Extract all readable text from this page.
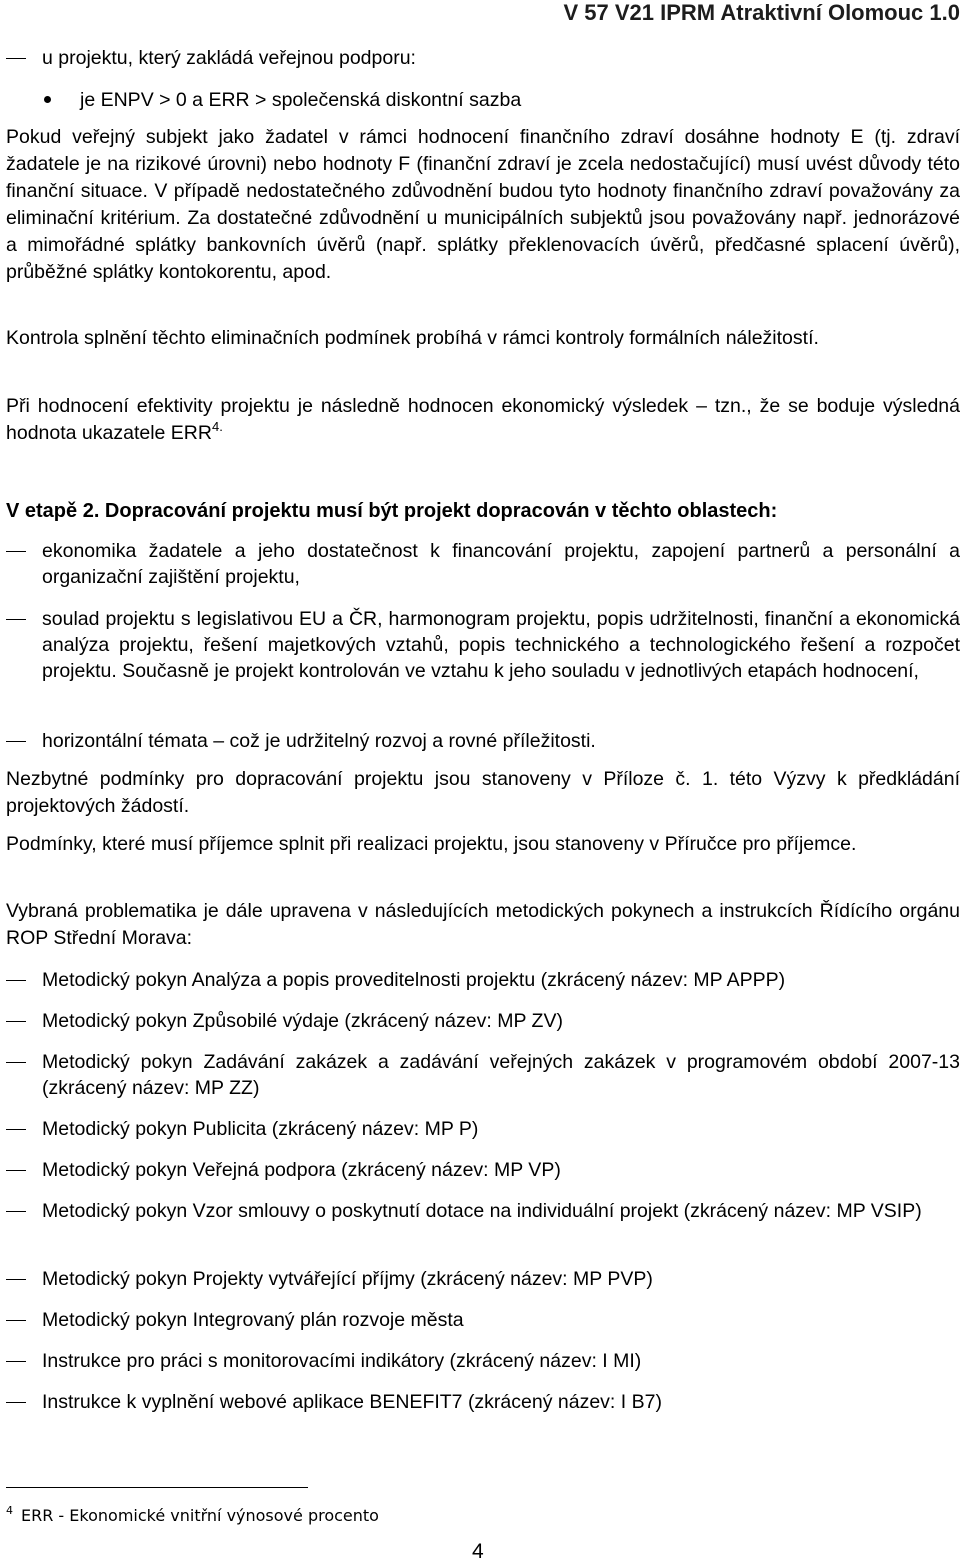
V 57 V21 IPRM Atraktivní Olomouc 1.0
u projektu, který zakládá veřejnou podporu:
je ENPV > 0 a ERR > společenská diskontní sazba

Pokud veřejný subjekt jako žadatel v rámci hodnocení finančního zdraví dosáhne hodnoty E (tj. zdraví žadatele je na rizikové úrovni) nebo hodnoty F (finanční zdraví je zcela nedostačující) musí uvést důvody této finanční situace. V případě nedostatečného zdůvodnění budou tyto hodnoty finančního zdraví považovány za eliminační kritérium. Za dostatečné zdůvodnění u municipálních subjektů jsou považovány např. jednorázové a mimořádné splátky bankovních úvěrů (např. splátky překlenovacích úvěrů, předčasné splacení úvěrů), průběžné splátky kontokorentu, apod.

Kontrola splnění těchto eliminačních podmínek probíhá v rámci kontroly formálních náležitostí.

Při hodnocení efektivity projektu je následně hodnocen ekonomický výsledek – tzn., že se boduje výsledná hodnota ukazatele ERR$^{4.}$

V etapě 2. Dopracování projektu musí být projekt dopracován v těchto oblastech:
ekonomika žadatele a jeho dostatečnost k financování projektu, zapojení partnerů a personální a organizační zajištění projektu,
soulad projektu s legislativou EU a ČR, harmonogram projektu, popis udržitelnosti, finanční a ekonomická analýza projektu, řešení majetkových vztahů, popis technického a technologického řešení a rozpočet projektu. Současně je projekt kontrolován ve vztahu k jeho souladu v jednotlivých etapách hodnocení,
horizontální témata – což je udržitelný rozvoj a rovné příležitosti.

Nezbytné podmínky pro dopracování projektu jsou stanoveny v Příloze č. 1. této Výzvy k předkládání projektových žádostí.

Podmínky, které musí příjemce splnit při realizaci projektu, jsou stanoveny v Příručce pro příjemce.

Vybraná problematika je dále upravena v následujících metodických pokynech a instrukcích Řídícího orgánu ROP Střední Morava:

Metodický pokyn Analýza a popis proveditelnosti projektu (zkrácený název: MP APPP)
Metodický pokyn Způsobilé výdaje (zkrácený název: MP ZV)
Metodický pokyn Zadávání zakázek a zadávání veřejných zakázek v programovém období 2007-13 (zkrácený název: MP ZZ)
Metodický pokyn Publicita (zkrácený název: MP P)
Metodický pokyn Veřejná podpora (zkrácený název: MP VP)
Metodický pokyn Vzor smlouvy o poskytnutí dotace na individuální projekt (zkrácený název: MP VSIP)
Metodický pokyn Projekty vytvářející příjmy (zkrácený název: MP PVP)
Metodický pokyn Integrovaný plán rozvoje města
Instrukce pro práci s monitorovacími indikátory (zkrácený název: I MI)
Instrukce k vyplnění webové aplikace BENEFIT7 (zkrácený název: I B7)
$^4$ ERR - Ekonomické vnitřní výnosové procento
4
